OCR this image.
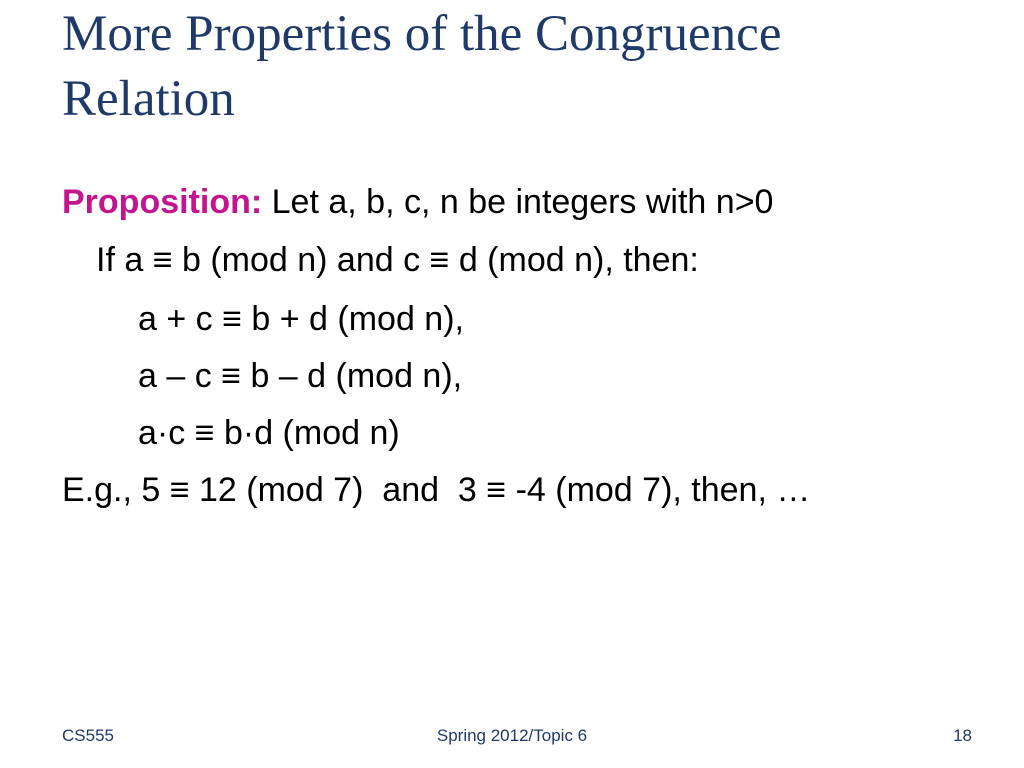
More Properties of the Congruence Relation
Proposition: Let a, b, c, n be integers with n>0
If a ≡ b (mod n) and c ≡ d (mod n), then:
a + c ≡ b + d (mod n),
a – c ≡ b – d (mod n),
a·c ≡ b·d (mod n)
E.g., 5 ≡ 12 (mod 7)  and  3 ≡ -4 (mod 7), then, …
CS555	Spring 2012/Topic 6	18
